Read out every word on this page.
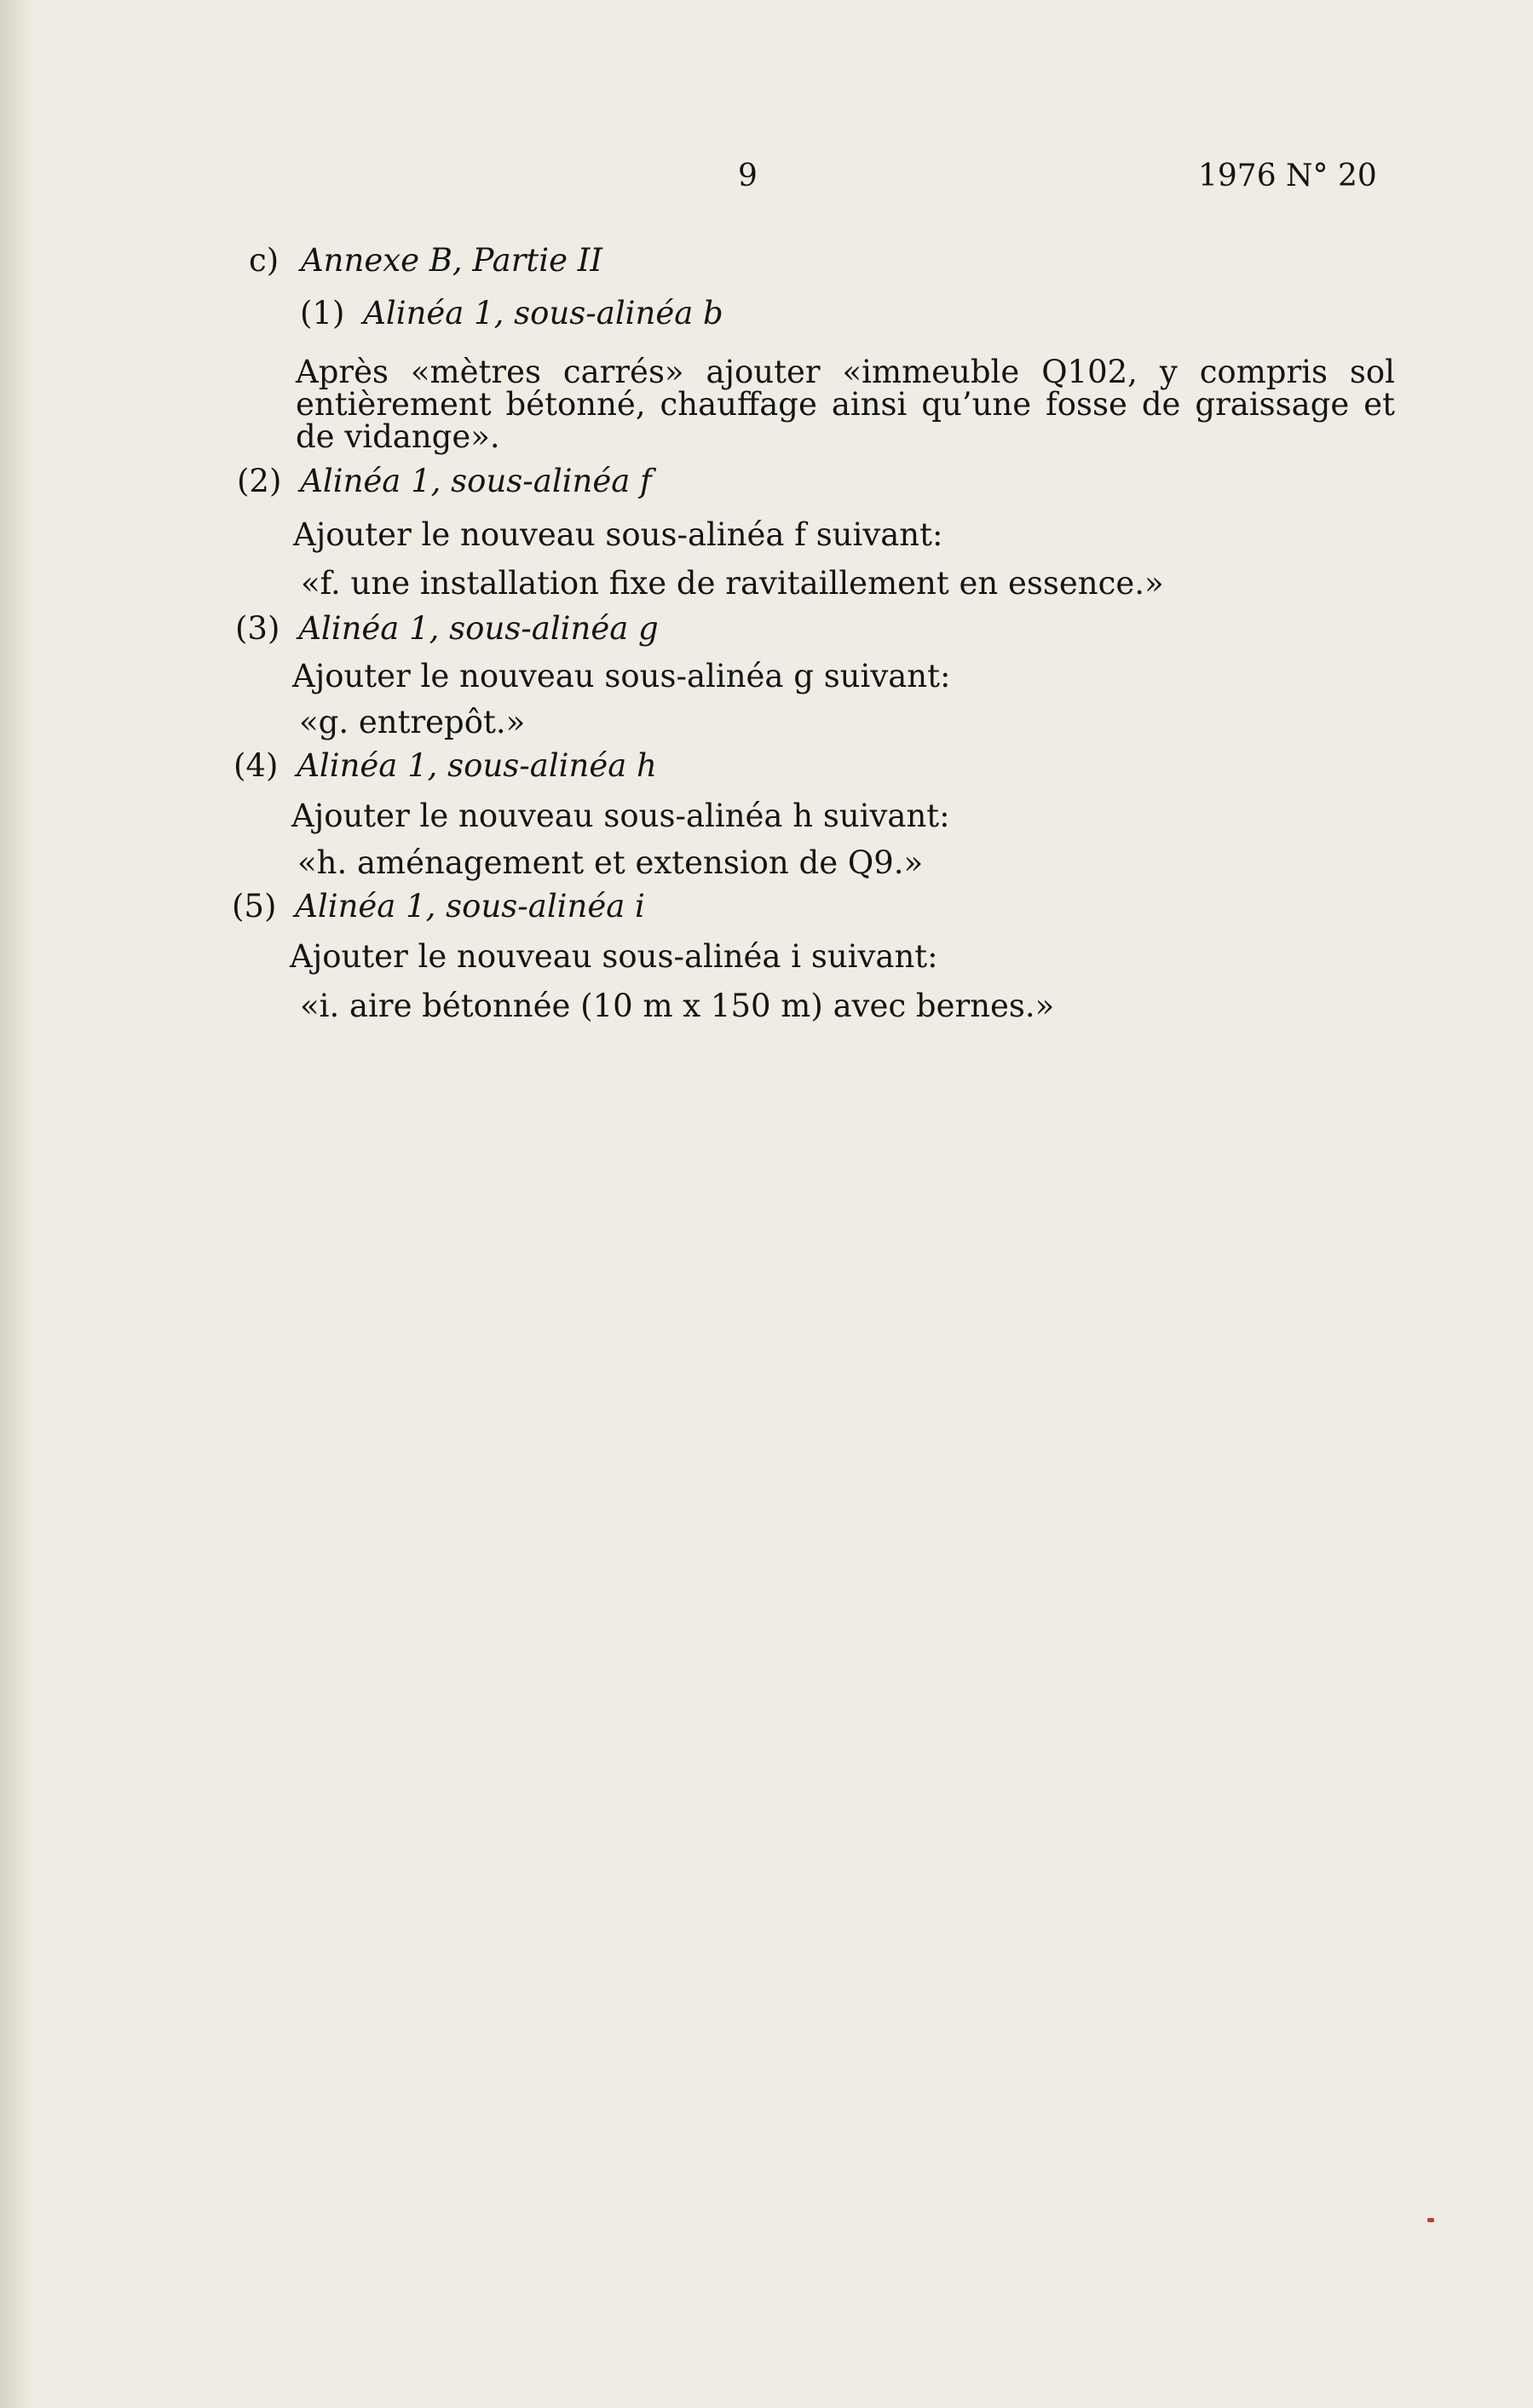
9	1976 N° 20
c) Annexe B, Partie II
(1) Alinéa 1, sous-alinéa b
Après «mètres carrés» ajouter «immeuble Q102, y compris sol entièrement bétonné, chauffage ainsi qu’une fosse de graissage et de vidange».
(2) Alinéa 1, sous-alinéa f
Ajouter le nouveau sous-alinéa f suivant:
«f. une installation fixe de ravitaillement en essence.»
(3) Alinéa 1, sous-alinéa g
Ajouter le nouveau sous-alinéa g suivant:
«g. entrepôt.»
(4) Alinéa 1, sous-alinéa h
Ajouter le nouveau sous-alinéa h suivant:
«h. aménagement et extension de Q9.»
(5) Alinéa 1, sous-alinéa i
Ajouter le nouveau sous-alinéa i suivant:
«i. aire bétonnée (10 m x 150 m) avec bernes.»
